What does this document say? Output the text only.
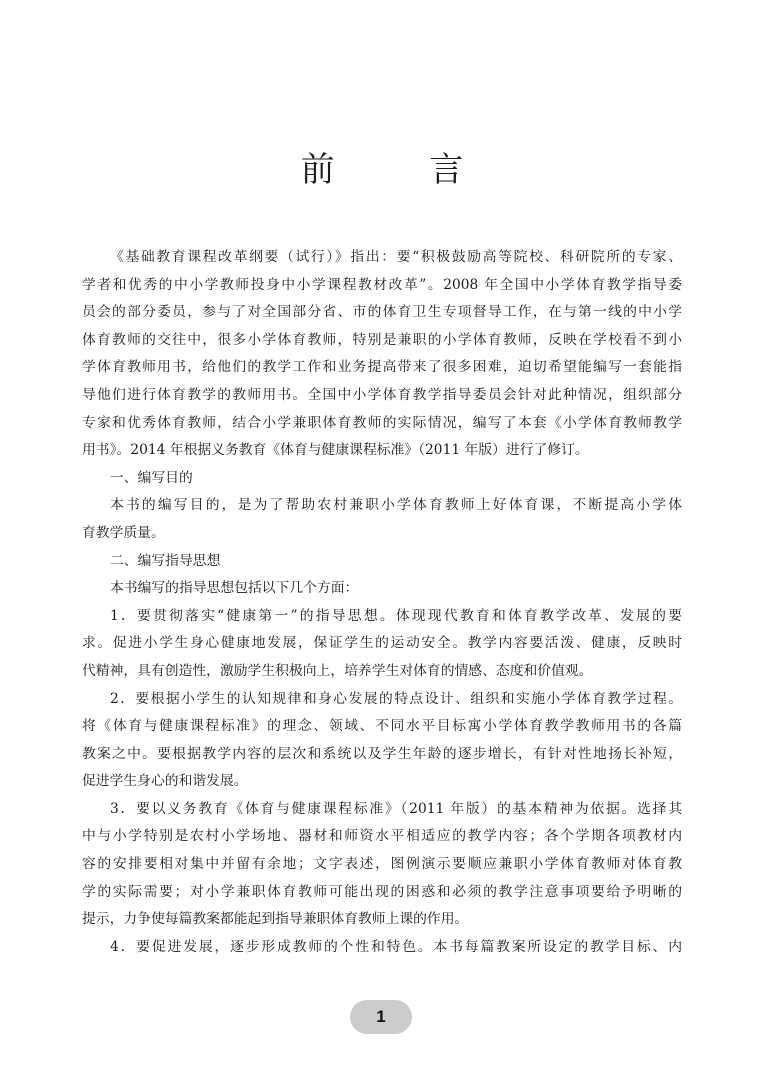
前 言
《基础教育课程改革纲要（试行）》指出：要“积极鼓励高等院校、科研院所的专家、
学者和优秀的中小学教师投身中小学课程教材改革”。2008 年全国中小学体育教学指导委
员会的部分委员，参与了对全国部分省、市的体育卫生专项督导工作，在与第一线的中小学
体育教师的交往中，很多小学体育教师，特别是兼职的小学体育教师，反映在学校看不到小
学体育教师用书，给他们的教学工作和业务提高带来了很多困难，迫切希望能编写一套能指
导他们进行体育教学的教师用书。全国中小学体育教学指导委员会针对此种情况，组织部分
专家和优秀体育教师，结合小学兼职体育教师的实际情况，编写了本套《小学体育教师教学
用书》。2014 年根据义务教育《体育与健康课程标准》（2011 年版）进行了修订。
一、编写目的
本书的编写目的，是为了帮助农村兼职小学体育教师上好体育课，不断提高小学体
育教学质量。
二、编写指导思想
本书编写的指导思想包括以下几个方面：
1．要贯彻落实“健康第一”的指导思想。体现现代教育和体育教学改革、发展的要
求。促进小学生身心健康地发展，保证学生的运动安全。教学内容要活泼、健康，反映时
代精神，具有创造性，激励学生积极向上，培养学生对体育的情感、态度和价值观。
2．要根据小学生的认知规律和身心发展的特点设计、组织和实施小学体育教学过程。
将《体育与健康课程标准》的理念、领域、不同水平目标寓小学体育教学教师用书的各篇
教案之中。要根据教学内容的层次和系统以及学生年龄的逐步增长，有针对性地扬长补短，
促进学生身心的和谐发展。
3．要以义务教育《体育与健康课程标准》（2011 年版）的基本精神为依据。选择其
中与小学特别是农村小学场地、器材和师资水平相适应的教学内容；各个学期各项教材内
容的安排要相对集中并留有余地；文字表述，图例演示要顺应兼职小学体育教师对体育教
学的实际需要；对小学兼职体育教师可能出现的困惑和必须的教学注意事项要给予明晰的
提示，力争使每篇教案都能起到指导兼职体育教师上课的作用。
4．要促进发展，逐步形成教师的个性和特色。本书每篇教案所设定的教学目标、内
1
